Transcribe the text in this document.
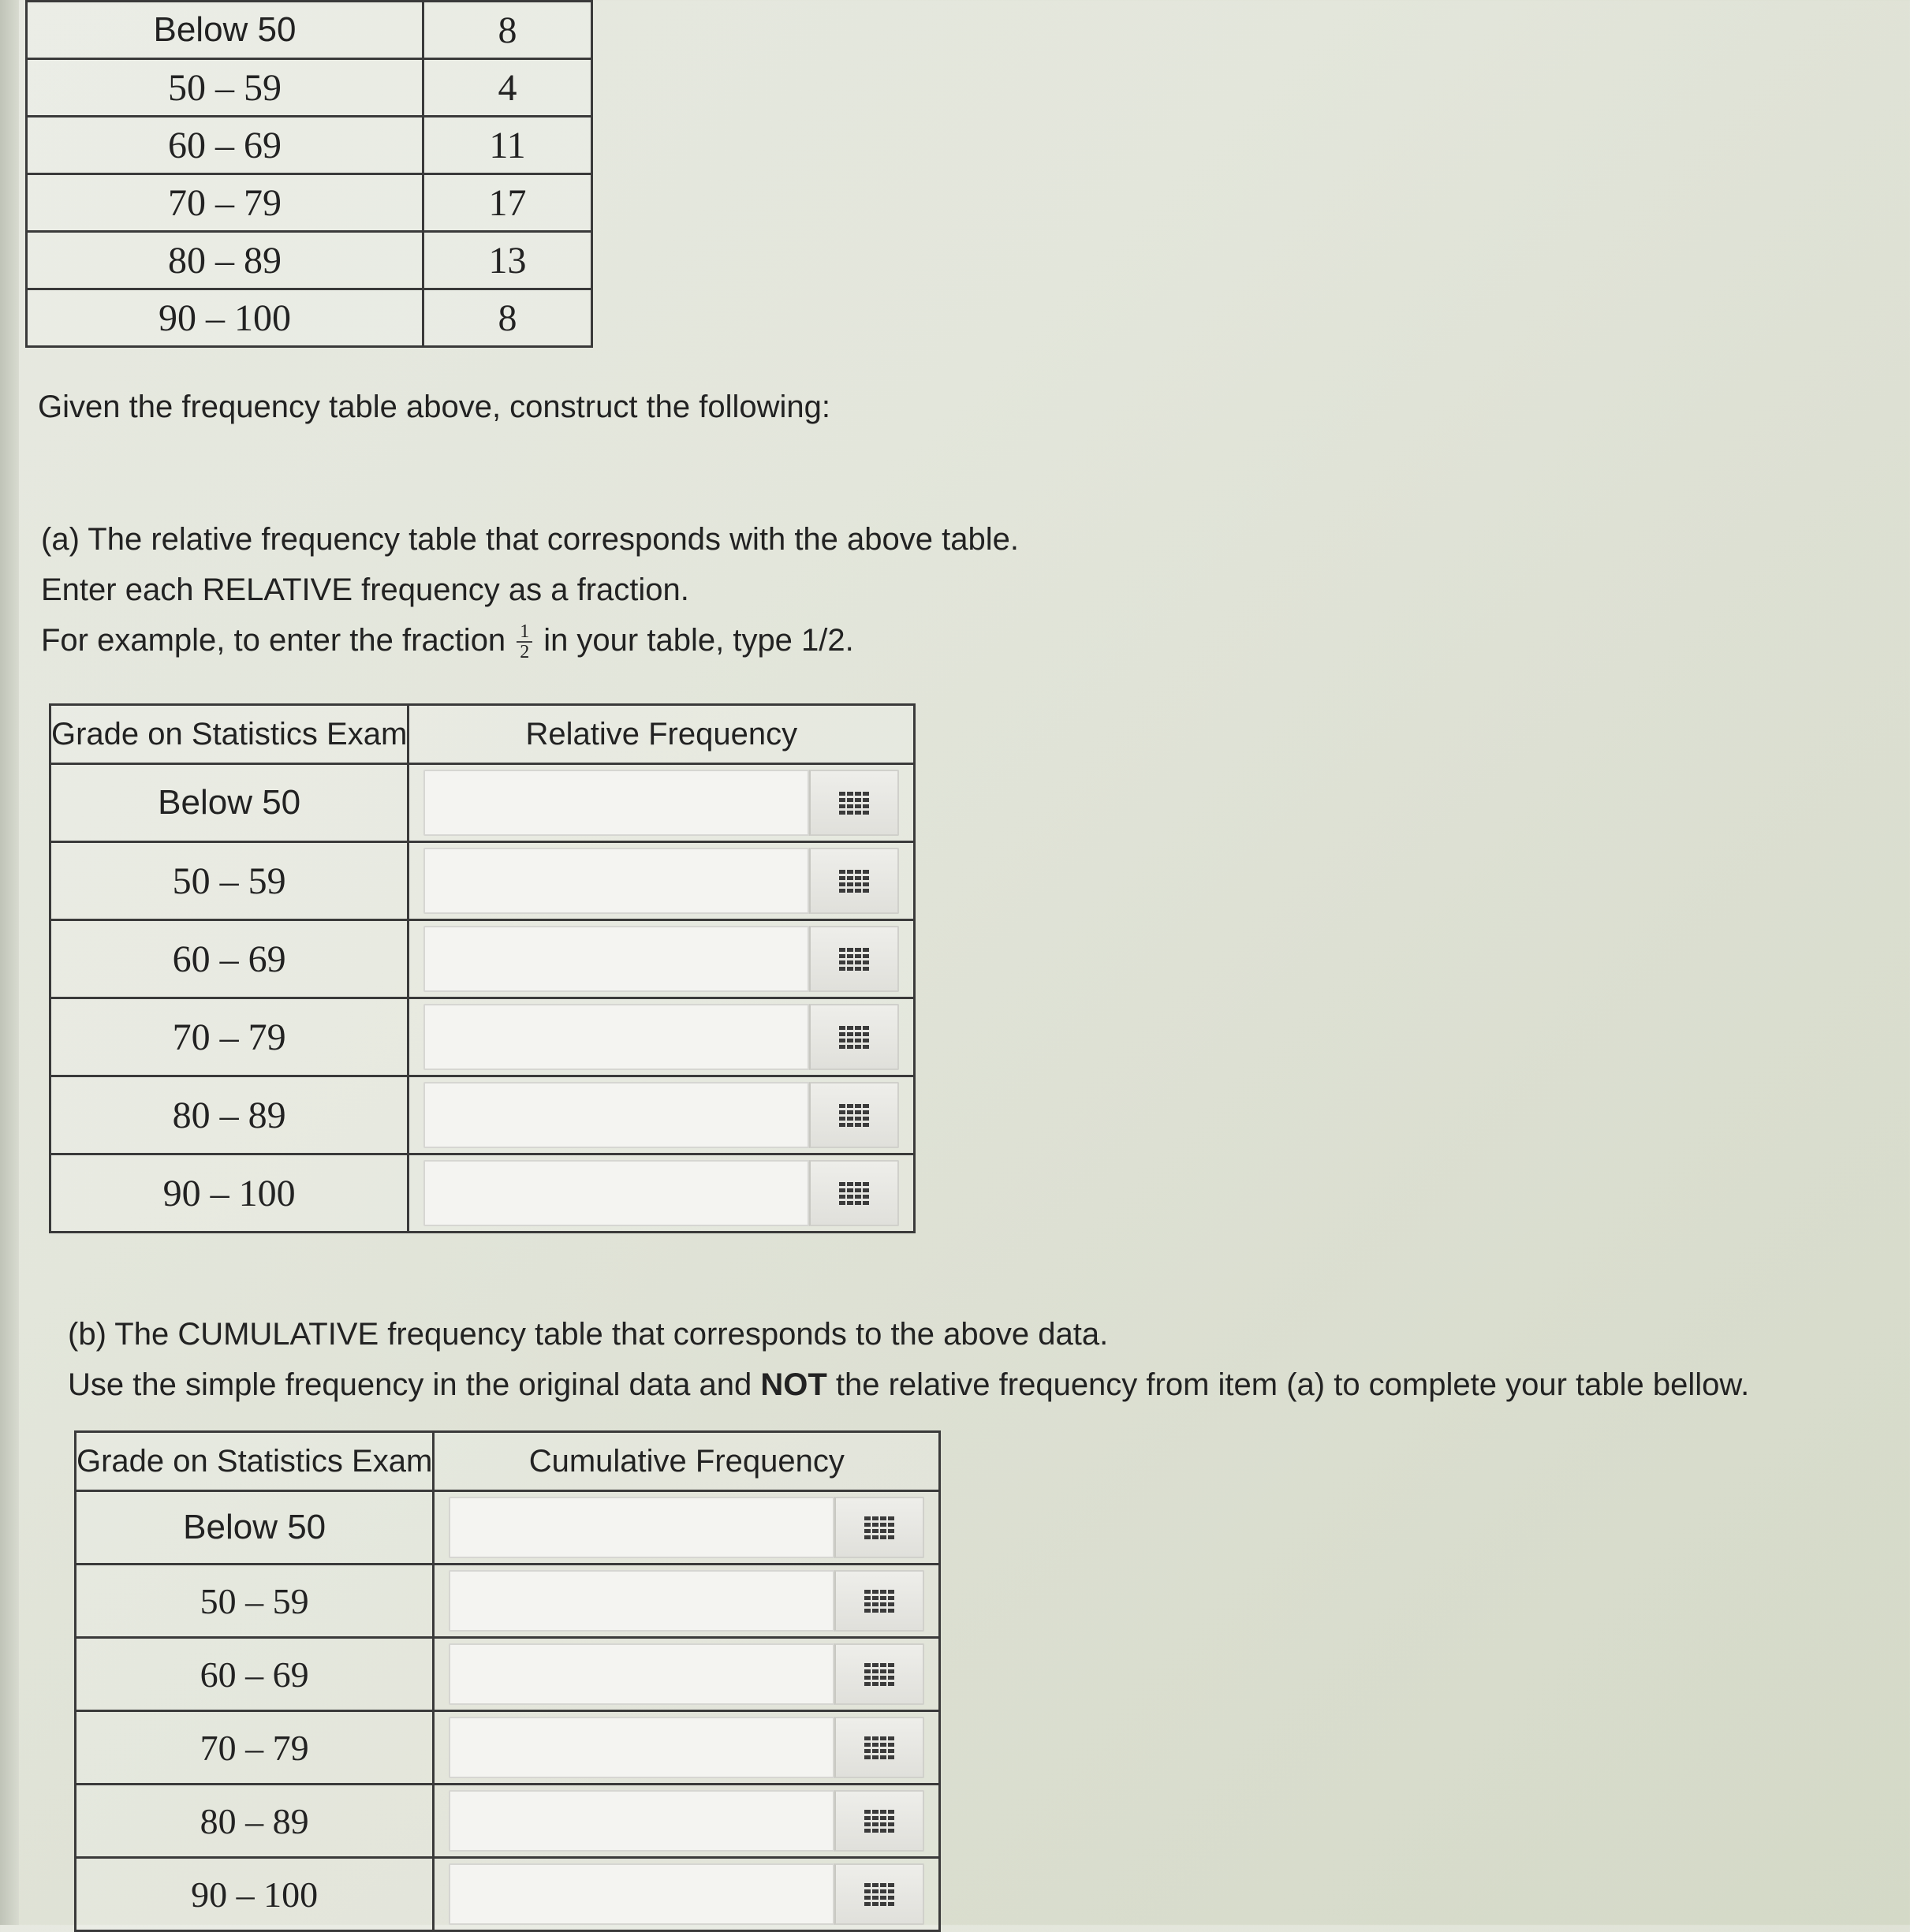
Below 50	8
50 – 59	4
60 – 69	11
70 – 79	17
80 – 89	13
90 – 100	8
Given the frequency table above, construct the following:
(a) The relative frequency table that corresponds with the above table.
Enter each RELATIVE frequency as a fraction.
For example, to enter the fraction $\frac{1}{2}$ in your table, type 1/2.
Grade on Statistics Exam	Relative Frequency
Below 50	

50 – 59	

60 – 69	

70 – 79	

80 – 89	

90 – 100	
(b) The CUMULATIVE frequency table that corresponds to the above data.
Use the simple frequency in the original data and NOT the relative frequency from item (a) to complete your table bellow.
Grade on Statistics Exam	Cumulative Frequency
Below 50	

50 – 59	

60 – 69	

70 – 79	

80 – 89	

90 – 100	
